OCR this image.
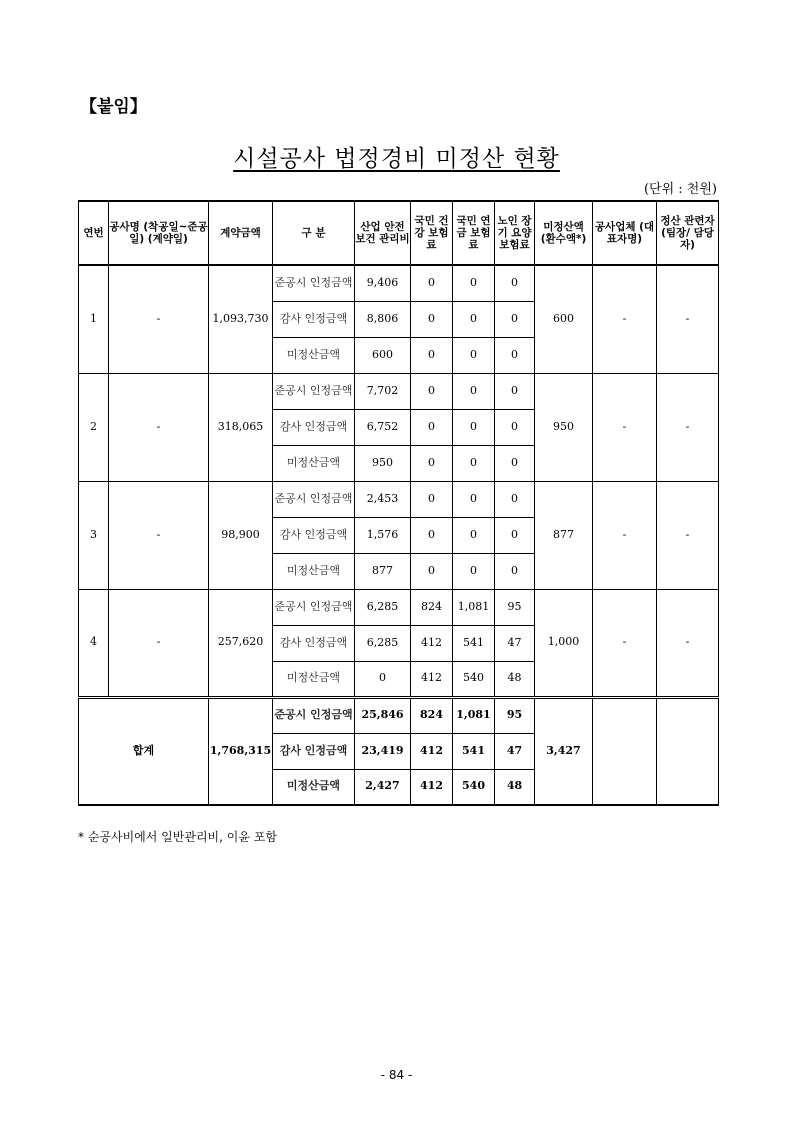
【붙임】
시설공사 법정경비 미정산 현황
(단위 : 천원)
연번	공사명 (착공일~준공일) (계약일)	계약금액	구 분	산업 안전 보건 관리비	국민 건강 보험료	국민 연금 보험료	노인 장기 요양 보험료	미정산액 (환수액*)	공사업체 (대표자명)	정산 관련자 (팀장/ 담당자)
1	-	1,093,730	준공시 인정금액	9,406	0	0	0	600	-	-
			감사 인정금액	8,806	0	0	0			
			미정산금액	600	0	0	0			
2	-	318,065	준공시 인정금액	7,702	0	0	0	950	-	-
			감사 인정금액	6,752	0	0	0			
			미정산금액	950	0	0	0			
3	-	98,900	준공시 인정금액	2,453	0	0	0	877	-	-
			감사 인정금액	1,576	0	0	0			
			미정산금액	877	0	0	0			
4	-	257,620	준공시 인정금액	6,285	824	1,081	95	1,000	-	-
			감사 인정금액	6,285	412	541	47			
			미정산금액	0	412	540	48			
합계		1,768,315	준공시 인정금액	25,846	824	1,081	95	3,427		
			감사 인정금액	23,419	412	541	47			
			미정산금액	2,427	412	540	48			
* 순공사비에서 일반관리비, 이윤 포함
- 84 -
